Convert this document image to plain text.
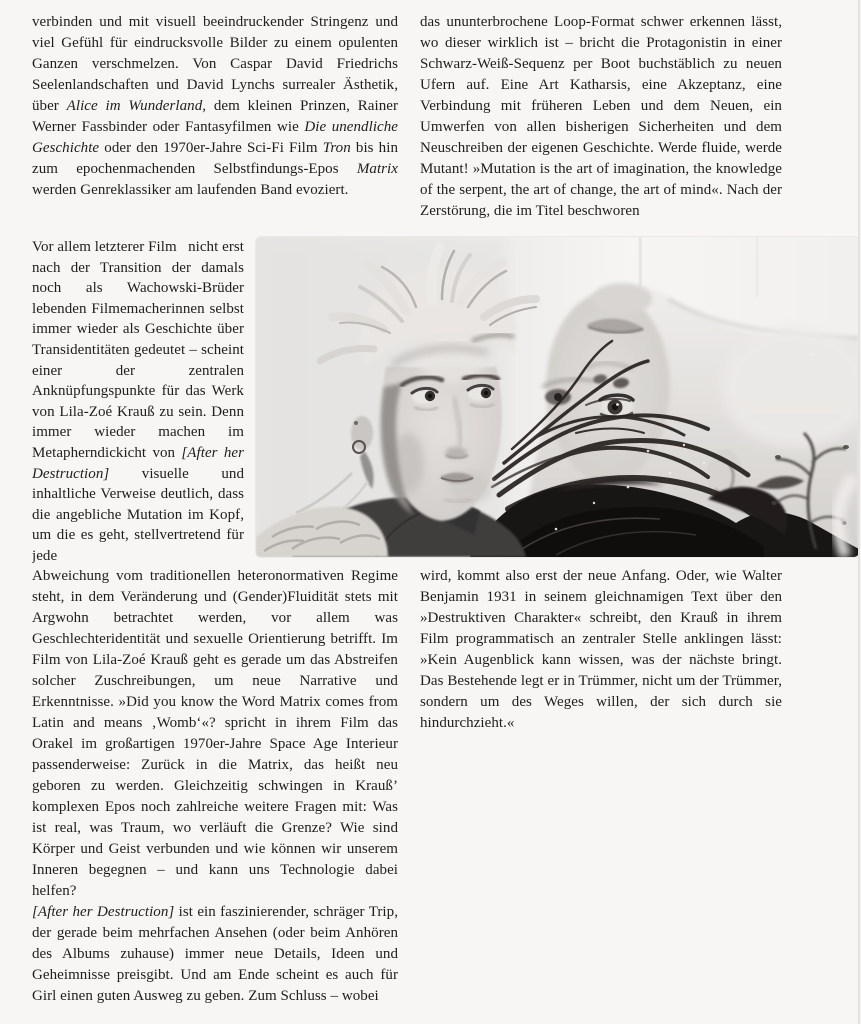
verbinden und mit visuell beeindruckender Stringenz und viel Gefühl für eindrucksvolle Bilder zu einem opulenten Ganzen verschmelzen. Von Caspar David Friedrichs Seelenlandschaften und David Lynchs surrealer Ästhetik, über Alice im Wunderland, dem kleinen Prinzen, Rainer Werner Fassbinder oder Fantasyfilmen wie Die unendliche Geschichte oder den 1970er-Jahre Sci-Fi Film Tron bis hin zum epochenmachenden Selbstfindungs-Epos Matrix werden Genreklassiker am laufenden Band evoziert.

das ununterbrochene Loop-Format schwer erkennen lässt, wo dieser wirklich ist – bricht die Protagonistin in einer Schwarz-Weiß-Sequenz per Boot buchstäblich zu neuen Ufern auf. Eine Art Katharsis, eine Akzeptanz, eine Verbindung mit früheren Leben und dem Neuen, ein Umwerfen von allen bisherigen Sicherheiten und dem Neuschreiben der eigenen Geschichte. Werde fluide, werde Mutant! »Mutation is the art of imagination, the knowledge of the serpent, the art of change, the art of mind«. Nach der Zerstörung, die im Titel beschworen

Vor allem letzterer Film   nicht erst nach der Transition der damals noch als Wachowski-Brüder lebenden Filmemacherinnen selbst immer wieder als Geschichte über Transidentitäten gedeutet – scheint einer der zentralen Anknüpfungspunkte für das Werk von Lila-Zoé Krauß zu sein. Denn immer wieder machen im Metapherndickicht von [After her Destruction] visuelle und inhaltliche Verweise deutlich, dass die angebliche Mutation im Kopf, um die es geht, stellvertretend für jede

Abweichung vom traditionellen heteronormativen Regime steht, in dem Veränderung und (Gender)Fluidität stets mit Argwohn betrachtet werden, vor allem was Geschlechteridentität und sexuelle Orientierung betrifft. Im Film von Lila-Zoé Krauß geht es gerade um das Abstreifen solcher Zuschreibungen, um neue Narrative und Erkenntnisse. »Did you know the Word Matrix comes from Latin and means ‚Womb‘«? spricht in ihrem Film das Orakel im großartigen 1970er-Jahre Space Age Interieur passenderweise: Zurück in die Matrix, das heißt neu geboren zu werden. Gleichzeitig schwingen in Krauß’ komplexen Epos noch zahlreiche weitere Fragen mit: Was ist real, was Traum, wo verläuft die Grenze? Wie sind Körper und Geist verbunden und wie können wir unserem Inneren begegnen – und kann uns Technologie dabei helfen?

[After her Destruction] ist ein faszinierender, schräger Trip, der gerade beim mehrfachen Ansehen (oder beim Anhören des Albums zuhause) immer neue Details, Ideen und Geheimnisse preisgibt. Und am Ende scheint es auch für Girl einen guten Ausweg zu geben. Zum Schluss – wobei

wird, kommt also erst der neue Anfang. Oder, wie Walter Benjamin 1931 in seinem gleichnamigen Text über den »Destruktiven Charakter« schreibt, den Krauß in ihrem Film programmatisch an zentraler Stelle anklingen lässt: »Kein Augenblick kann wissen, was der nächste bringt. Das Bestehende legt er in Trümmer, nicht um der Trümmer, sondern um des Weges willen, der sich durch sie hindurchzieht.«
